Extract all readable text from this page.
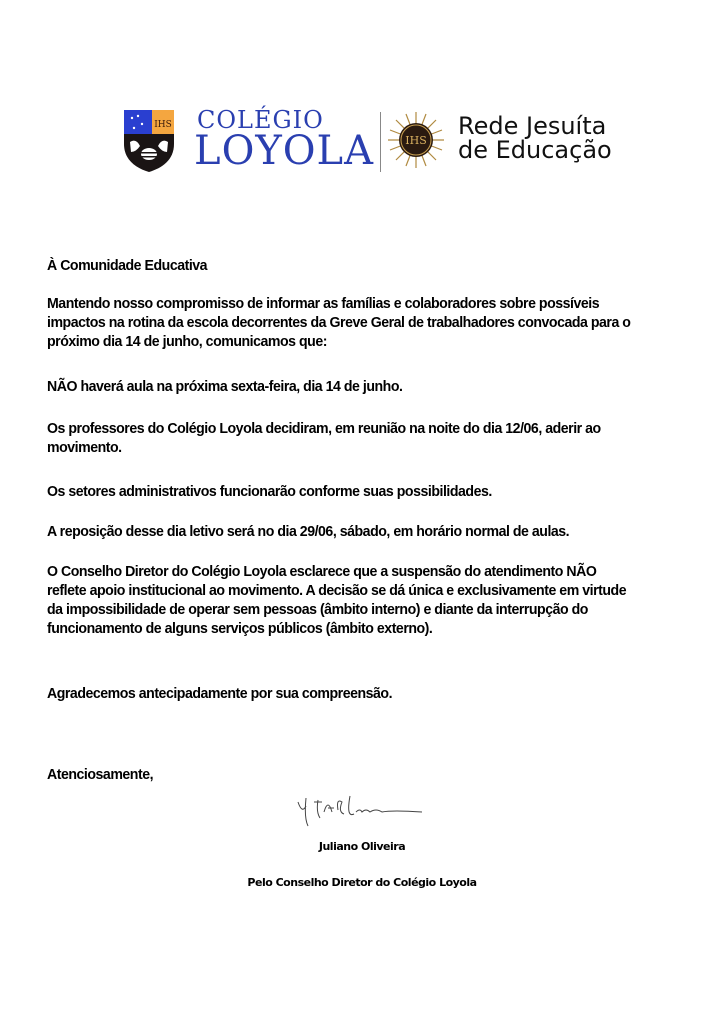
IHS COLÉGIO
LOYOLA	IHS
Rede Jesuíta
de Educação
À Comunidade Educativa
Mantendo nosso compromisso de informar as famílias e colaboradores sobre possíveis impactos na rotina da escola decorrentes da Greve Geral de trabalhadores convocada para o próximo dia 14 de junho, comunicamos que:
NÃO haverá aula na próxima sexta-feira, dia 14 de junho.
Os professores do Colégio Loyola decidiram, em reunião na noite do dia 12/06, aderir ao movimento.
Os setores administrativos funcionarão conforme suas possibilidades.
A reposição desse dia letivo será no dia 29/06, sábado, em horário normal de aulas.
O Conselho Diretor do Colégio Loyola esclarece que a suspensão do atendimento NÃO reflete apoio institucional ao movimento. A decisão se dá única e exclusivamente em virtude da impossibilidade de operar sem pessoas (âmbito interno) e diante da interrupção do funcionamento de alguns serviços públicos (âmbito externo).
Agradecemos antecipadamente por sua compreensão.
Atenciosamente,
Juliano Oliveira
Pelo Conselho Diretor do Colégio Loyola
